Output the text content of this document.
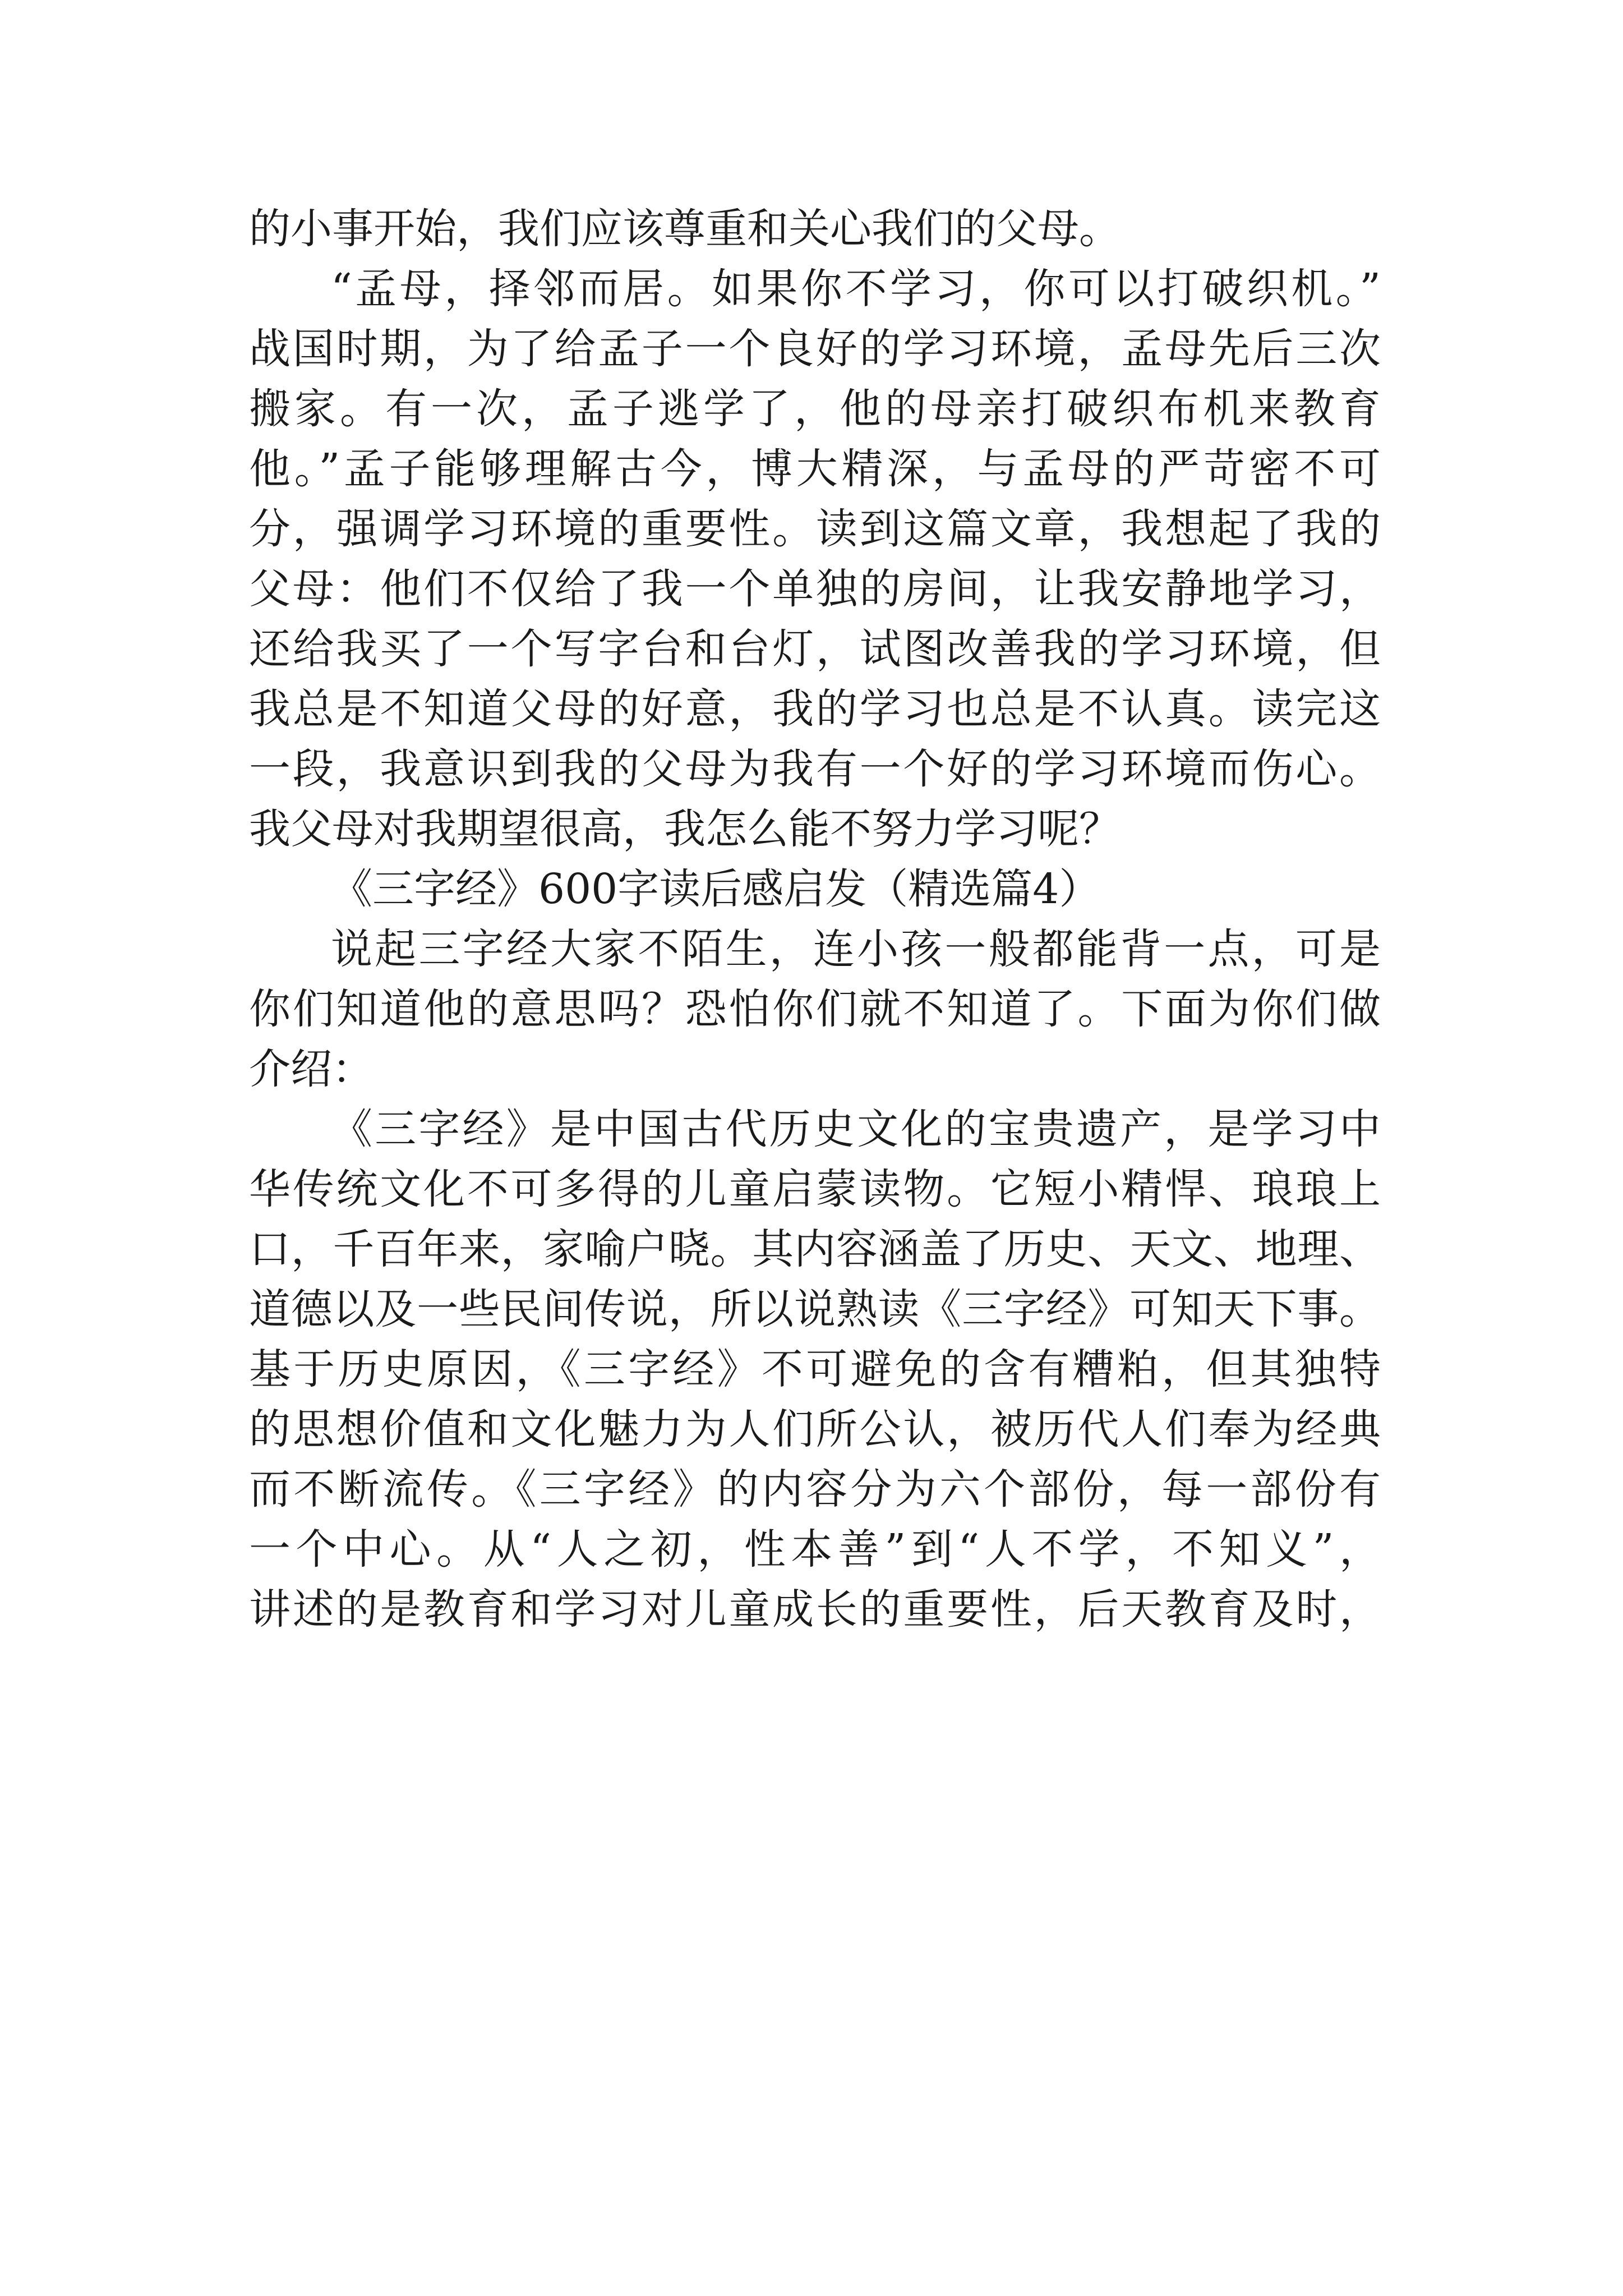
的小事开始，我们应该尊重和关心我们的父母。
“孟母，择邻而居。如果你不学习，你可以打破织机。”
战国时期，为了给孟子一个良好的学习环境，孟母先后三次
搬家。有一次，孟子逃学了，他的母亲打破织布机来教育
他。”孟子能够理解古今，博大精深，与孟母的严苛密不可
分，强调学习环境的重要性。读到这篇文章，我想起了我的
父母：他们不仅给了我一个单独的房间，让我安静地学习，
还给我买了一个写字台和台灯，试图改善我的学习环境，但
我总是不知道父母的好意，我的学习也总是不认真。读完这
一段，我意识到我的父母为我有一个好的学习环境而伤心。
我父母对我期望很高，我怎么能不努力学习呢？
《三字经》600字读后感启发（精选篇4）
说起三字经大家不陌生，连小孩一般都能背一点，可是
你们知道他的意思吗？恐怕你们就不知道了。下面为你们做
介绍：
《三字经》是中国古代历史文化的宝贵遗产，是学习中
华传统文化不可多得的儿童启蒙读物。它短小精悍、琅琅上
口，千百年来，家喻户晓。其内容涵盖了历史、天文、地理、
道德以及一些民间传说，所以说熟读《三字经》可知天下事。
基于历史原因，《三字经》不可避免的含有糟粕，但其独特
的思想价值和文化魅力为人们所公认，被历代人们奉为经典
而不断流传。《三字经》的内容分为六个部份，每一部份有
一个中心。从“人之初，性本善”到“人不学，不知义”，
讲述的是教育和学习对儿童成长的重要性，后天教育及时，
